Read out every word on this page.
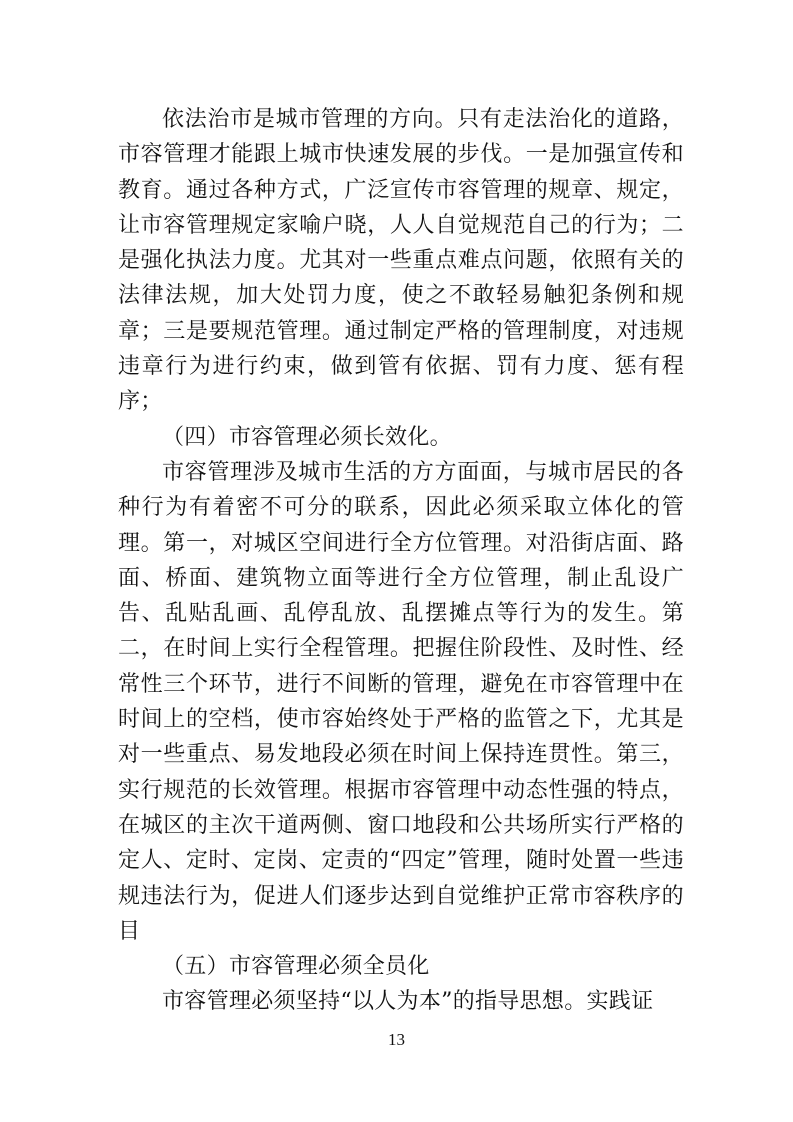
依法治市是城市管理的方向。只有走法治化的道路，市容管理才能跟上城市快速发展的步伐。一是加强宣传和教育。通过各种方式，广泛宣传市容管理的规章、规定，让市容管理规定家喻户晓，人人自觉规范自己的行为；二是强化执法力度。尤其对一些重点难点问题，依照有关的法律法规，加大处罚力度，使之不敢轻易触犯条例和规章；三是要规范管理。通过制定严格的管理制度，对违规违章行为进行约束，做到管有依据、罚有力度、惩有程序；

（四）市容管理必须长效化。

市容管理涉及城市生活的方方面面，与城市居民的各种行为有着密不可分的联系，因此必须采取立体化的管理。第一，对城区空间进行全方位管理。对沿街店面、路面、桥面、建筑物立面等进行全方位管理，制止乱设广告、乱贴乱画、乱停乱放、乱摆摊点等行为的发生。第二，在时间上实行全程管理。把握住阶段性、及时性、经常性三个环节，进行不间断的管理，避免在市容管理中在时间上的空档，使市容始终处于严格的监管之下，尤其是对一些重点、易发地段必须在时间上保持连贯性。第三，实行规范的长效管理。根据市容管理中动态性强的特点，在城区的主次干道两侧、窗口地段和公共场所实行严格的定人、定时、定岗、定责的“四定”管理，随时处置一些违规违法行为，促进人们逐步达到自觉维护正常市容秩序的目

（五）市容管理必须全员化

市容管理必须坚持“以人为本”的指导思想。实践证

13
